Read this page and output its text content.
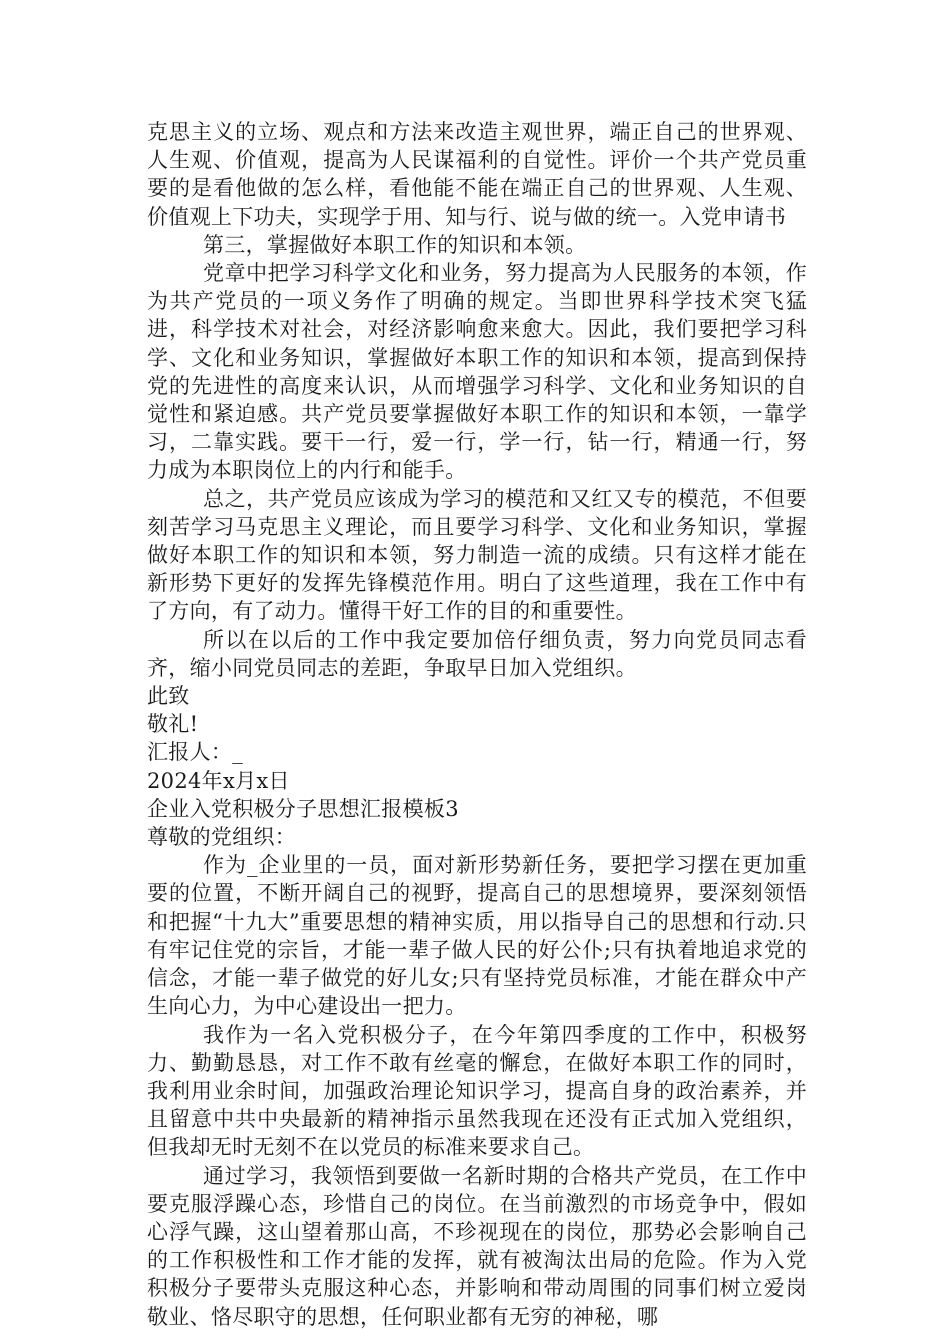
克思主义的立场、观点和方法来改造主观世界，端正自己的世界观、人生观、价值观，提高为人民谋福利的自觉性。评价一个共产党员重要的是看他做的怎么样，看他能不能在端正自己的世界观、人生观、价值观上下功夫，实现学于用、知与行、说与做的统一。入党申请书

第三，掌握做好本职工作的知识和本领。

党章中把学习科学文化和业务，努力提高为人民服务的本领，作为共产党员的一项义务作了明确的规定。当即世界科学技术突飞猛进，科学技术对社会，对经济影响愈来愈大。因此，我们要把学习科学、文化和业务知识，掌握做好本职工作的知识和本领，提高到保持党的先进性的高度来认识，从而增强学习科学、文化和业务知识的自觉性和紧迫感。共产党员要掌握做好本职工作的知识和本领，一靠学习，二靠实践。要干一行，爱一行，学一行，钻一行，精通一行，努力成为本职岗位上的内行和能手。

总之，共产党员应该成为学习的模范和又红又专的模范，不但要刻苦学习马克思主义理论，而且要学习科学、文化和业务知识，掌握做好本职工作的知识和本领，努力制造一流的成绩。只有这样才能在新形势下更好的发挥先锋模范作用。明白了这些道理，我在工作中有了方向，有了动力。懂得干好工作的目的和重要性。

所以在以后的工作中我定要加倍仔细负责，努力向党员同志看齐，缩小同党员同志的差距，争取早日加入党组织。

此致

敬礼!

汇报人：_

2024年x月x日

企业入党积极分子思想汇报模板3

尊敬的党组织：

作为_企业里的一员，面对新形势新任务，要把学习摆在更加重要的位置，不断开阔自己的视野，提高自己的思想境界，要深刻领悟和把握“十九大”重要思想的精神实质，用以指导自己的思想和行动.只有牢记住党的宗旨，才能一辈子做人民的好公仆;只有执着地追求党的信念，才能一辈子做党的好儿女;只有坚持党员标准，才能在群众中产生向心力，为中心建设出一把力。

我作为一名入党积极分子，在今年第四季度的工作中，积极努力、勤勤恳恳，对工作不敢有丝毫的懈怠，在做好本职工作的同时，我利用业余时间，加强政治理论知识学习，提高自身的政治素养，并且留意中共中央最新的精神指示虽然我现在还没有正式加入党组织，但我却无时无刻不在以党员的标准来要求自己。

通过学习，我领悟到要做一名新时期的合格共产党员，在工作中要克服浮躁心态，珍惜自己的岗位。在当前激烈的市场竞争中，假如心浮气躁，这山望着那山高，不珍视现在的岗位，那势必会影响自己的工作积极性和工作才能的发挥，就有被淘汰出局的危险。作为入党积极分子要带头克服这种心态，并影响和带动周围的同事们树立爱岗敬业、恪尽职守的思想，任何职业都有无穷的神秘，哪
